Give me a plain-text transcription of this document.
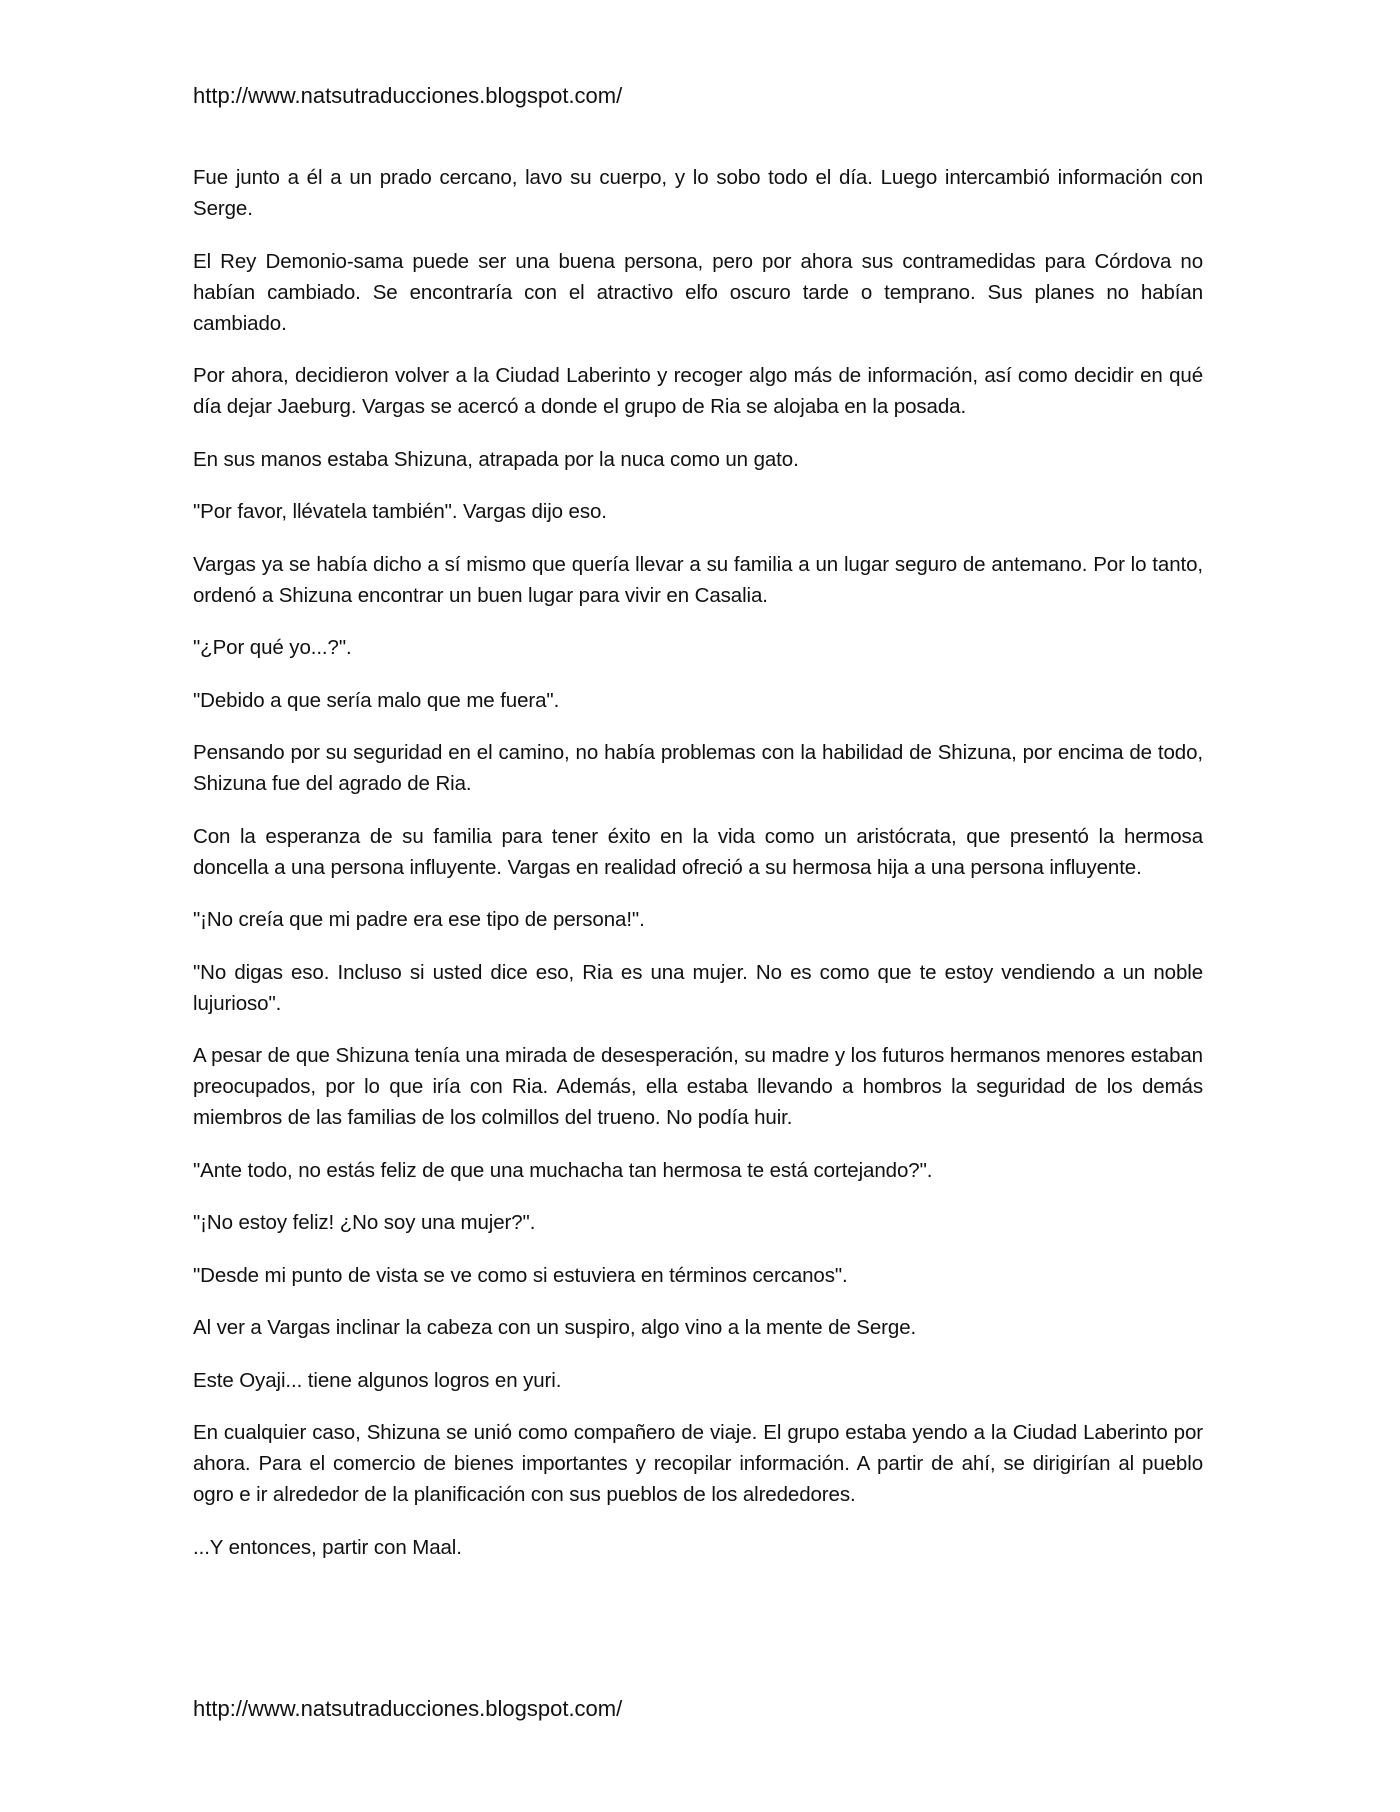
http://www.natsutraducciones.blogspot.com/

Fue junto a él a un prado cercano, lavo su cuerpo, y lo sobo todo el día. Luego intercambió información con Serge.

El Rey Demonio-sama puede ser una buena persona, pero por ahora sus contramedidas para Córdova no habían cambiado. Se encontraría con el atractivo elfo oscuro tarde o temprano. Sus planes no habían cambiado.

Por ahora, decidieron volver a la Ciudad Laberinto y recoger algo más de información, así como decidir en qué día dejar Jaeburg. Vargas se acercó a donde el grupo de Ria se alojaba en la posada.

En sus manos estaba Shizuna, atrapada por la nuca como un gato.

"Por favor, llévatela también". Vargas dijo eso.

Vargas ya se había dicho a sí mismo que quería llevar a su familia a un lugar seguro de antemano. Por lo tanto, ordenó a Shizuna encontrar un buen lugar para vivir en Casalia.

"¿Por qué yo...?".

"Debido a que sería malo que me fuera".

Pensando por su seguridad en el camino, no había problemas con la habilidad de Shizuna, por encima de todo, Shizuna fue del agrado de Ria.

Con la esperanza de su familia para tener éxito en la vida como un aristócrata, que presentó la hermosa doncella a una persona influyente. Vargas en realidad ofreció a su hermosa hija a una persona influyente.

"¡No creía que mi padre era ese tipo de persona!".

"No digas eso. Incluso si usted dice eso, Ria es una mujer. No es como que te estoy vendiendo a un noble lujurioso".

A pesar de que Shizuna tenía una mirada de desesperación, su madre y los futuros hermanos menores estaban preocupados, por lo que iría con Ria. Además, ella estaba llevando a hombros la seguridad de los demás miembros de las familias de los colmillos del trueno. No podía huir.

"Ante todo, no estás feliz de que una muchacha tan hermosa te está cortejando?".

"¡No estoy feliz! ¿No soy una mujer?".

"Desde mi punto de vista se ve como si estuviera en términos cercanos".

Al ver a Vargas inclinar la cabeza con un suspiro, algo vino a la mente de Serge.

Este Oyaji... tiene algunos logros en yuri.

En cualquier caso, Shizuna se unió como compañero de viaje. El grupo estaba yendo a la Ciudad Laberinto por ahora. Para el comercio de bienes importantes y recopilar información. A partir de ahí, se dirigirían al pueblo ogro e ir alrededor de la planificación con sus pueblos de los alrededores.

...Y entonces, partir con Maal.

http://www.natsutraducciones.blogspot.com/
